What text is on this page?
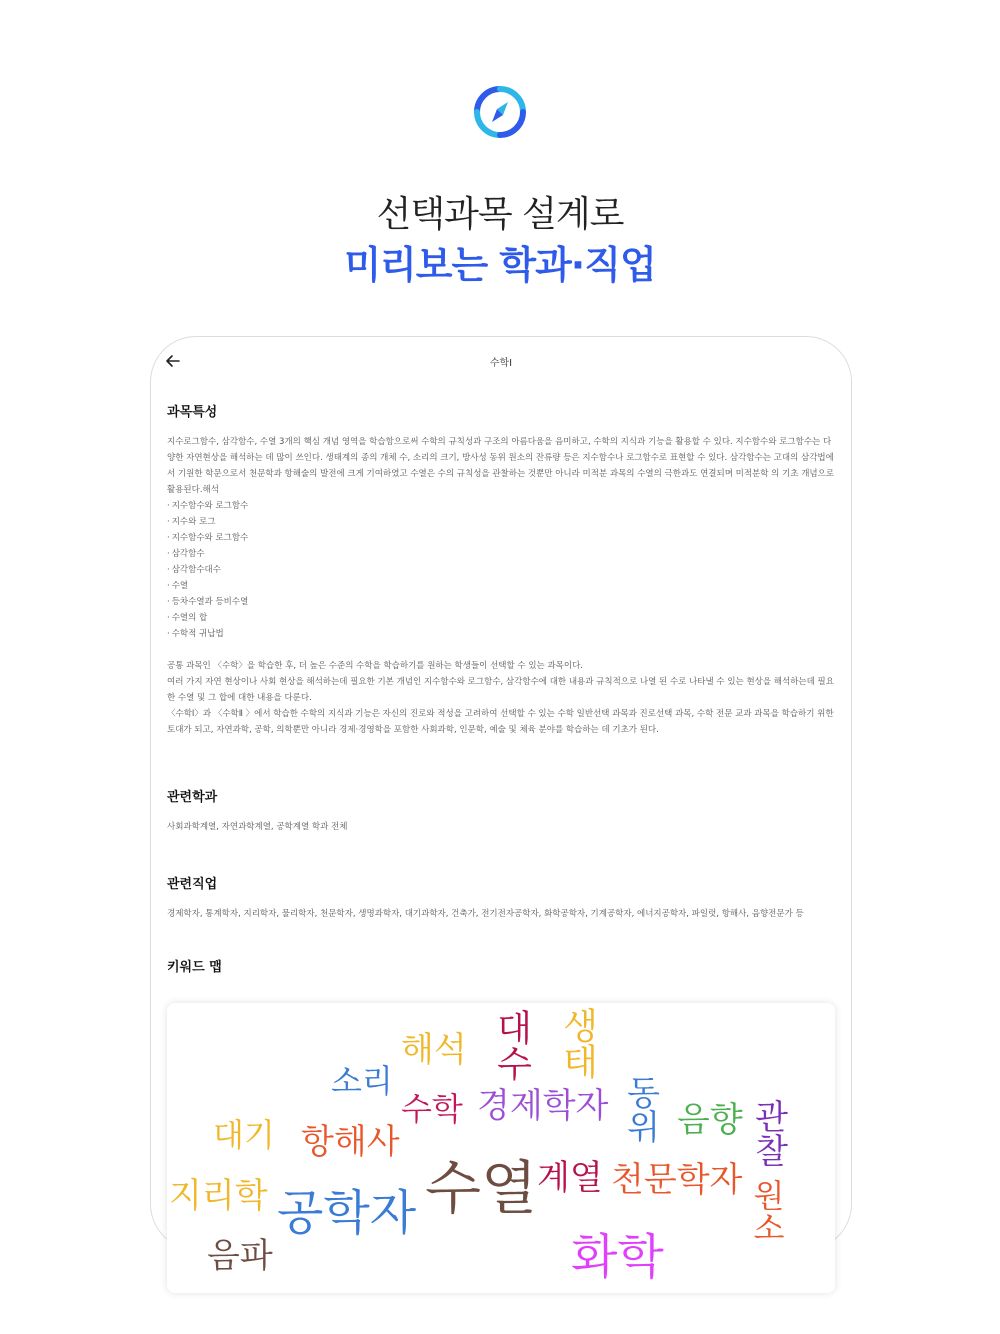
선택과목 설계로
미리보는 학과·직업
수학Ⅰ
과목특성

지수로그함수, 삼각함수, 수열 3개의 핵심 개념 영역을 학습함으로써 수학의 규칙성과 구조의 아름다움을 음미하고, 수학의 지식과 기능을 활용할 수 있다. 지수함수와 로그함수는 다양한 자연현상을 해석하는 데 많이 쓰인다. 생태계의 종의 개체 수, 소리의 크기, 방사성 동위 원소의 잔류량 등은 지수함수나 로그함수로 표현할 수 있다. 삼각함수는 고대의 삼각법에서 기원한 학문으로서 천문학과 항해술의 발전에 크게 기여하였고 수열은 수의 규칙성을 관찰하는 것뿐만 아니라 미적분 과목의 수열의 극한과도 연결되며 미적분학 의 기초 개념으로 활용된다.해석

· 지수함수와 로그함수
· 지수와 로그
· 지수함수와 로그함수
· 삼각함수
· 삼각함수대수
· 수열
· 등차수열과 등비수열
· 수열의 합
· 수학적 귀납법

공통 과목인 〈수학〉을 학습한 후, 더 높은 수준의 수학을 학습하기를 원하는 학생들이 선택할 수 있는 과목이다.

여러 가지 자연 현상이나 사회 현상을 해석하는데 필요한 기본 개념인 지수함수와 로그함수, 삼각함수에 대한 내용과 규칙적으로 나열 된 수로 나타낼 수 있는 현상을 해석하는데 필요한 수열 및 그 합에 대한 내용을 다룬다.

〈수학Ⅰ〉과 〈수학Ⅱ 〉에서 학습한 수학의 지식과 기능은 자신의 진로와 적성을 고려하여 선택할 수 있는 수학 일반선택 과목과 진로선택 과목, 수학 전문 교과 과목을 학습하기 위한 토대가 되고, 자연과학, 공학, 의학뿐만 아니라 경제·경영학을 포함한 사회과학, 인문학, 예술 및 체육 분야를 학습하는 데 기초가 된다.

관련학과

사회과학계열, 자연과학계열, 공학계열 학과 전체

관련직업

경제학자, 통계학자, 지리학자, 물리학자, 천문학자, 생명과학자, 대기과학자, 건축가, 전기전자공학자, 화학공학자, 기계공학자, 에너지공학자, 파일럿, 항해사, 음향전문가 등

키워드 맵
해석 대수 생태
소리
수학 경제학자 동위 음향 관찰
대기 항해사
지리학 공학자 수열 계열 천문학자 원소
화학
음파
